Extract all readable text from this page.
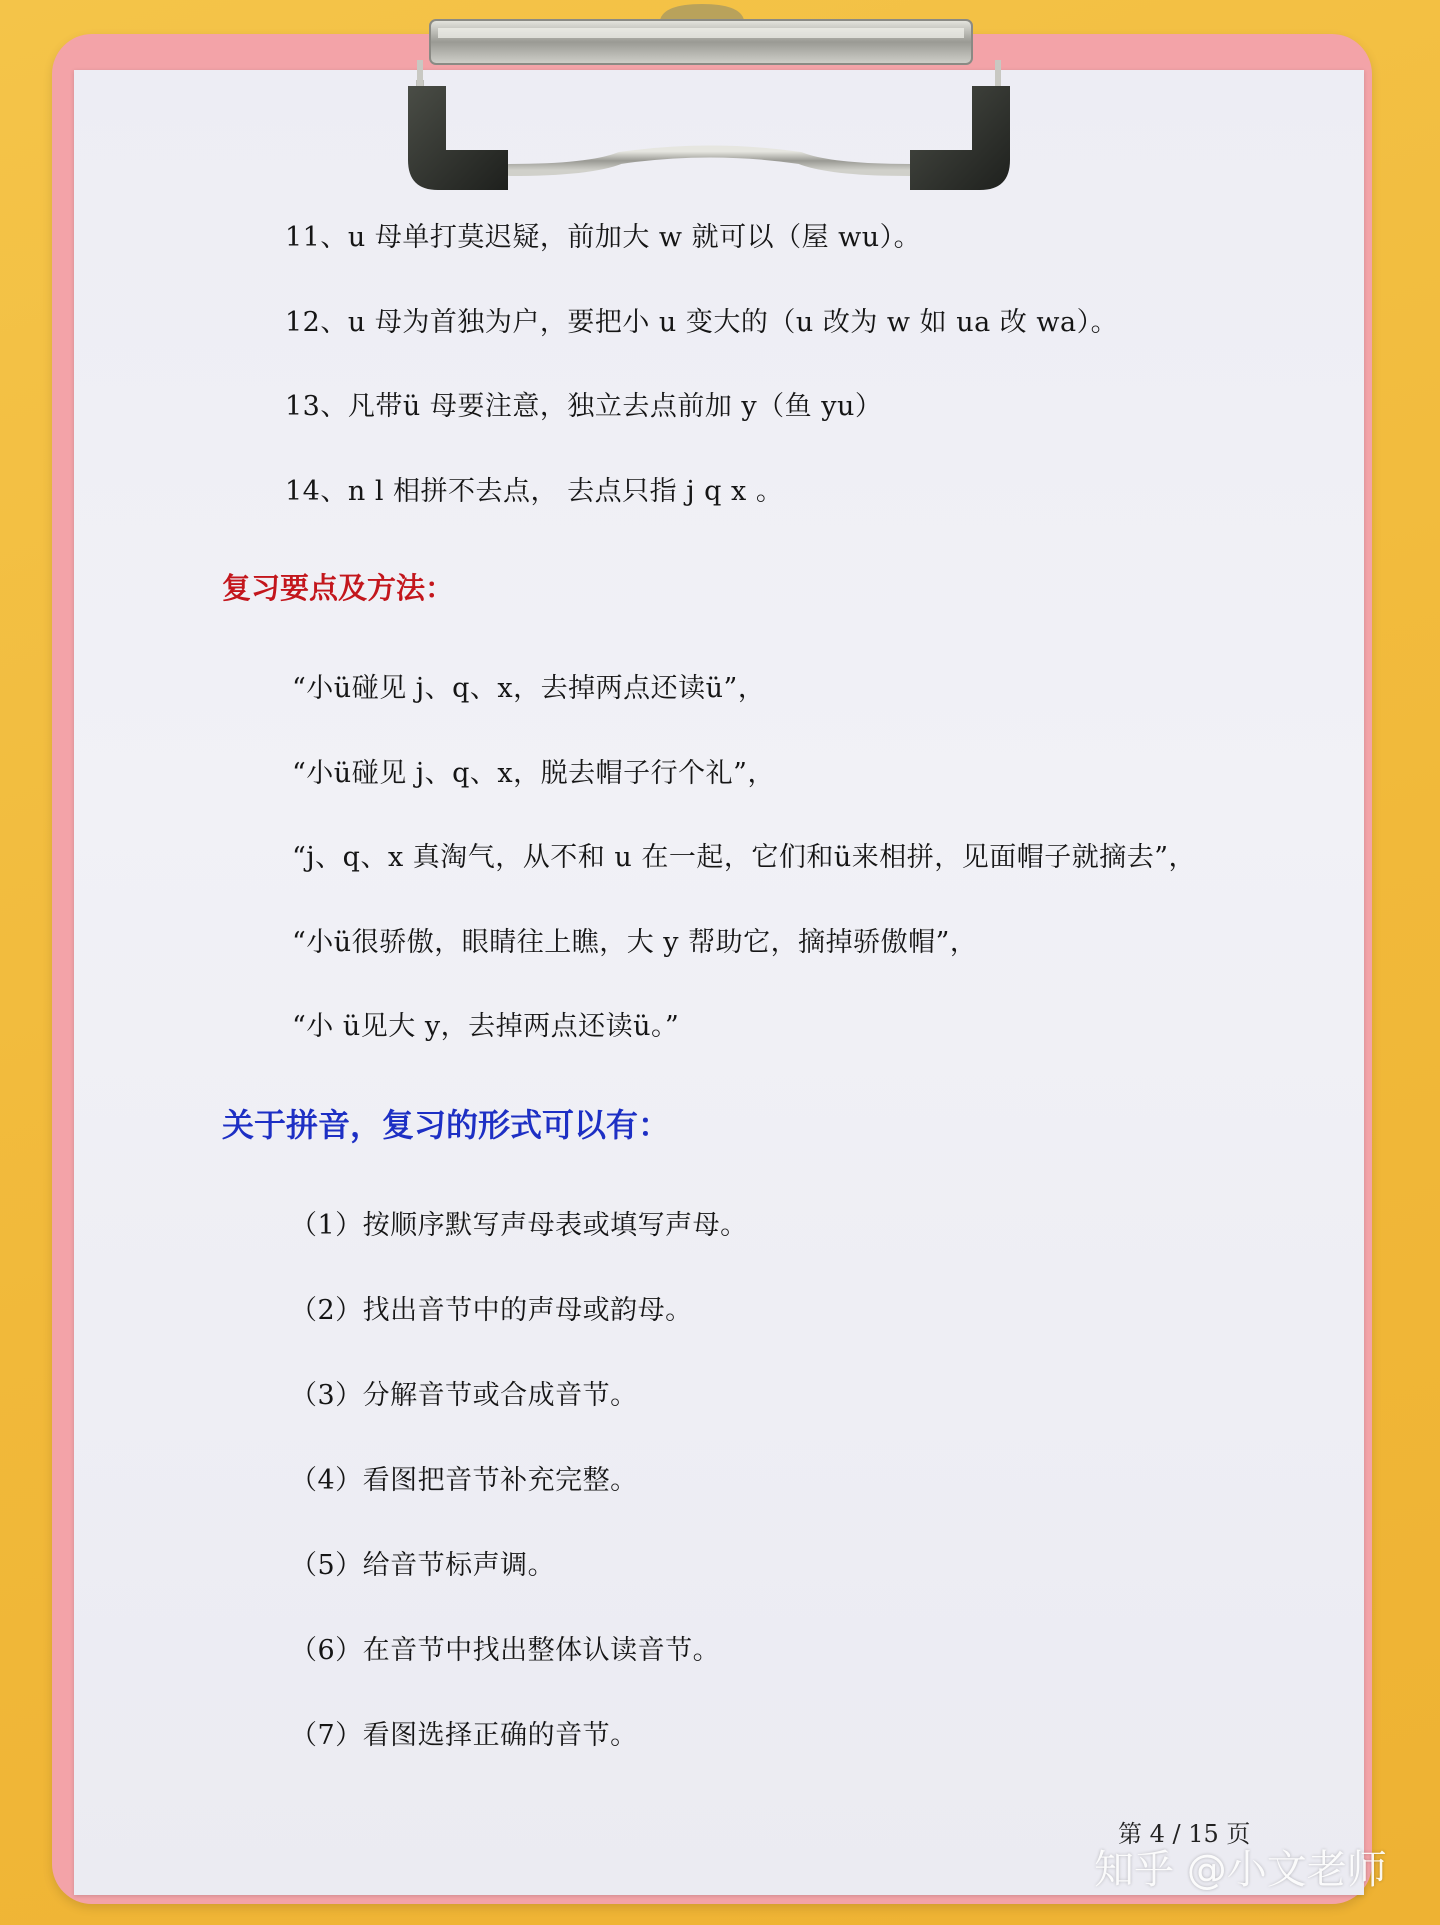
11、u 母单打莫迟疑，前加大 w 就可以（屋 wu）。

12、u 母为首独为户，要把小 u 变大的（u 改为 w 如 ua 改 wa）。

13、凡带ü 母要注意，独立去点前加 y（鱼 yu）

14、n l 相拼不去点， 去点只指 j q x 。

复习要点及方法：

“小ü碰见 j、q、x，去掉两点还读ü”，

“小ü碰见 j、q、x，脱去帽子行个礼”，

“j、q、x 真淘气，从不和 u 在一起，它们和ü来相拼，见面帽子就摘去”，

“小ü很骄傲，眼睛往上瞧，大 y 帮助它，摘掉骄傲帽”，

“小 ü见大 y，去掉两点还读ü。”

关于拼音，复习的形式可以有：

（1）按顺序默写声母表或填写声母。

（2）找出音节中的声母或韵母。

（3）分解音节或合成音节。

（4）看图把音节补充完整。

（5）给音节标声调。

（6）在音节中找出整体认读音节。

（7）看图选择正确的音节。

第 4 / 15 页
知乎 @小文老师
